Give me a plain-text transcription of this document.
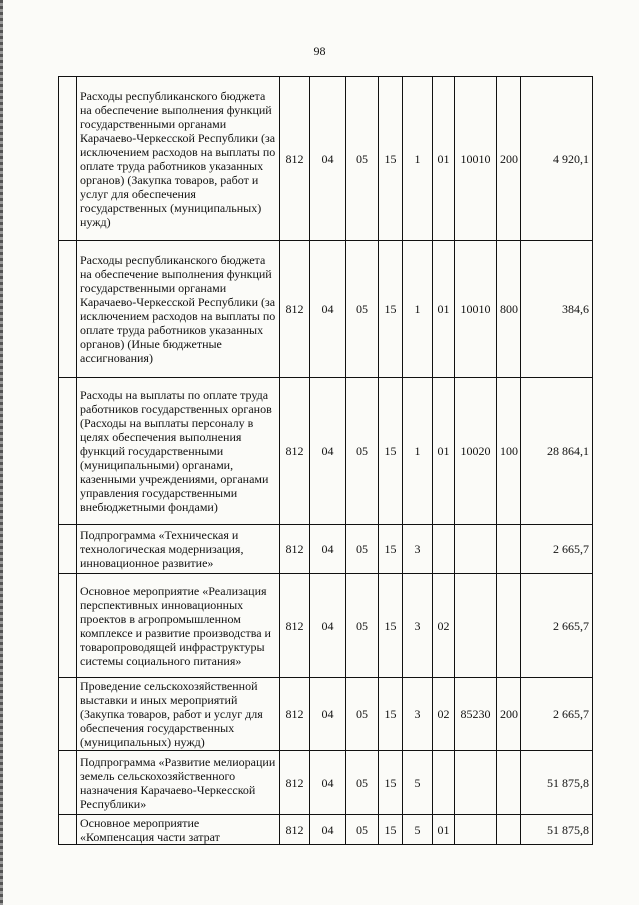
98
	Расходы республиканского бюджета на обеспечение выполнения функций государственными органами Карачаево-Черкесской Республики (за исключением расходов на выплаты по оплате труда работников указанных органов) (Закупка товаров, работ и услуг для обеспечения государственных (муниципальных) нужд)	812	04	05	15	1	01	10010	200	4 920,1
	Расходы республиканского бюджета на обеспечение выполнения функций государственными органами Карачаево-Черкесской Республики (за исключением расходов на выплаты по оплате труда работников указанных органов) (Иные бюджетные ассигнования)	812	04	05	15	1	01	10010	800	384,6
	Расходы на выплаты по оплате труда работников государственных органов (Расходы на выплаты персоналу в целях обеспечения выполнения функций государственными (муниципальными) органами, казенными учреждениями, органами управления государственными внебюджетными фондами)	812	04	05	15	1	01	10020	100	28 864,1
	Подпрограмма «Техническая и технологическая модернизация, инновационное развитие»	812	04	05	15	3				2 665,7
	Основное мероприятие «Реализация перспективных инновационных проектов в агропромышленном комплексе и развитие производства и товаропроводящей инфраструктуры системы социального питания»	812	04	05	15	3	02			2 665,7
	Проведение сельскохозяйственной выставки и иных мероприятий (Закупка товаров, работ и услуг для обеспечения государственных (муниципальных) нужд)	812	04	05	15	3	02	85230	200	2 665,7
	Подпрограмма «Развитие мелиорации земель сельскохозяйственного назначения Карачаево-Черкесской Республики»	812	04	05	15	5				51 875,8
	Основное мероприятие «Компенсация части затрат	812	04	05	15	5	01			51 875,8
